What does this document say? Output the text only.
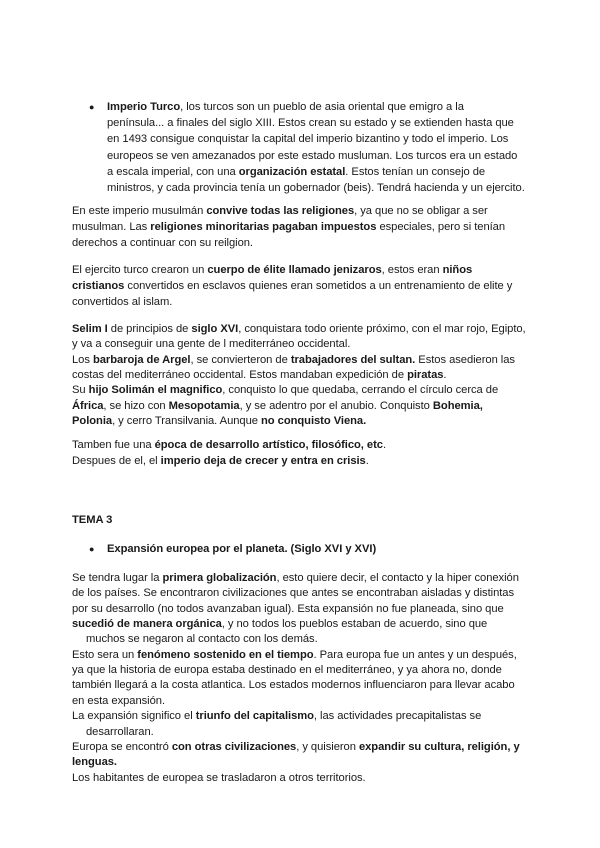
● Imperio Turco, los turcos son un pueblo de asia oriental que emigro a la
península... a finales del siglo XIII. Estos crean su estado y se extienden hasta que
en 1493 consigue conquistar la capital del imperio bizantino y todo el imperio. Los
europeos se ven amezanados por este estado musluman. Los turcos era un estado
a escala imperial, con una organización estatal. Estos tenían un consejo de
ministros, y cada provincia tenía un gobernador (beis). Tendrá hacienda y un ejercito.
En este imperio musulmán convive todas las religiones, ya que no se obligar a ser
musulman. Las religiones minoritarias pagaban impuestos especiales, pero si tenían
derechos a continuar con su reilgion.
El ejercito turco crearon un cuerpo de élite llamado jenizaros, estos eran niños
cristianos convertidos en esclavos quienes eran sometidos a un entrenamiento de elite y
convertidos al islam.
Selim I de principios de siglo XVI, conquistara todo oriente próximo, con el mar rojo, Egipto,
y va a conseguir una gente de l mediterráneo occidental.
Los barbaroja de Argel, se convierteron de trabajadores del sultan. Estos asedieron las
costas del mediterráneo occidental. Estos mandaban expedición de piratas.
Su hijo Solimán el magnifico, conquisto lo que quedaba, cerrando el círculo cerca de
África, se hizo con Mesopotamia, y se adentro por el anubio. Conquisto Bohemia,
Polonia, y cerro Transilvania. Aunque no conquisto Viena.
Tamben fue una época de desarrollo artístico, filosófico, etc.
Despues de el, el imperio deja de crecer y entra en crisis.
TEMA 3
● Expansión europea por el planeta. (Siglo XVI y XVI)
Se tendra lugar la primera globalización, esto quiere decir, el contacto y la hiper conexión
de los países. Se encontraron civilizaciones que antes se encontraban aisladas y distintas
por su desarrollo (no todos avanzaban igual). Esta expansión no fue planeada, sino que
sucedió de manera orgánica, y no todos los pueblos estaban de acuerdo, sino que
muchos se negaron al contacto con los demás.
Esto sera un fenómeno sostenido en el tiempo. Para europa fue un antes y un después,
ya que la historia de europa estaba destinado en el mediterráneo, y ya ahora no, donde
también llegará a la costa atlantica. Los estados modernos influenciaron para llevar acabo
en esta expansión.
La expansión significo el triunfo del capitalismo, las actividades precapitalistas se
desarrollaran.
Europa se encontró con otras civilizaciones, y quisieron expandir su cultura, religión, y
lenguas.
Los habitantes de europea se trasladaron a otros territorios.
